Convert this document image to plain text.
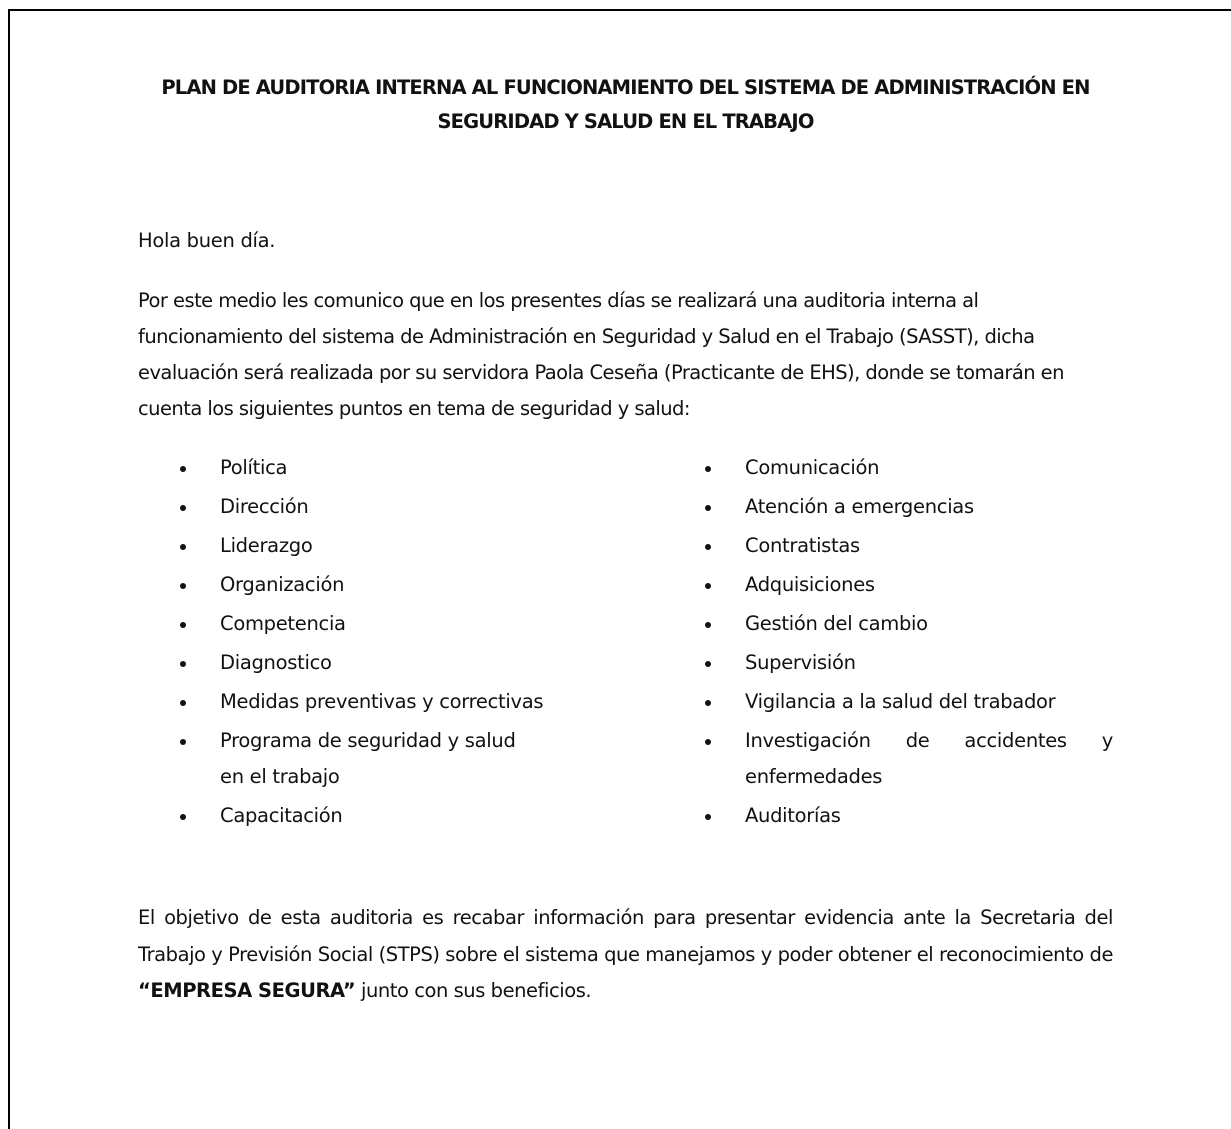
PLAN DE AUDITORIA INTERNA AL FUNCIONAMIENTO DEL SISTEMA DE ADMINISTRACIÓN EN SEGURIDAD Y SALUD EN EL TRABAJO

Hola buen día.

Por este medio les comunico que en los presentes días se realizará una auditoria interna al funcionamiento del sistema de Administración en Seguridad y Salud en el Trabajo (SASST), dicha evaluación será realizada por su servidora Paola Ceseña (Practicante de EHS), donde se tomarán en cuenta los siguientes puntos en tema de seguridad y salud:

Política
Dirección
Liderazgo
Organización
Competencia
Diagnostico
Medidas preventivas y correctivas
Programa de seguridad y salud en el trabajo
Capacitación
Comunicación
Atención a emergencias
Contratistas
Adquisiciones
Gestión del cambio
Supervisión
Vigilancia a la salud del trabador
Investigación de accidentes y enfermedades
Auditorías

El objetivo de esta auditoria es recabar información para presentar evidencia ante la Secretaria del Trabajo y Previsión Social (STPS) sobre el sistema que manejamos y poder obtener el reconocimiento de “EMPRESA SEGURA” junto con sus beneficios.
